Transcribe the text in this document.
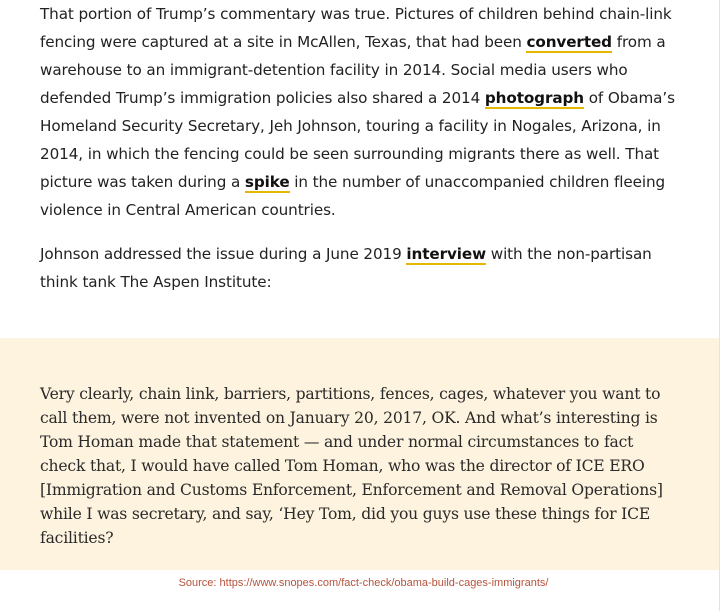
That portion of Trump’s commentary was true. Pictures of children behind chain-link fencing were captured at a site in McAllen, Texas, that had been converted from a warehouse to an immigrant-detention facility in 2014. Social media users who defended Trump’s immigration policies also shared a 2014 photograph of Obama’s Homeland Security Secretary, Jeh Johnson, touring a facility in Nogales, Arizona, in 2014, in which the fencing could be seen surrounding migrants there as well. That picture was taken during a spike in the number of unaccompanied children fleeing violence in Central American countries.

Johnson addressed the issue during a June 2019 interview with the non-partisan think tank The Aspen Institute:

Very clearly, chain link, barriers, partitions, fences, cages, whatever you want to call them, were not invented on January 20, 2017, OK. And what’s interesting is Tom Homan made that statement — and under normal circumstances to fact check that, I would have called Tom Homan, who was the director of ICE ERO [Immigration and Customs Enforcement, Enforcement and Removal Operations] while I was secretary, and say, ‘Hey Tom, did you guys use these things for ICE facilities?

Source: https://www.snopes.com/fact-check/obama-build-cages-immigrants/
